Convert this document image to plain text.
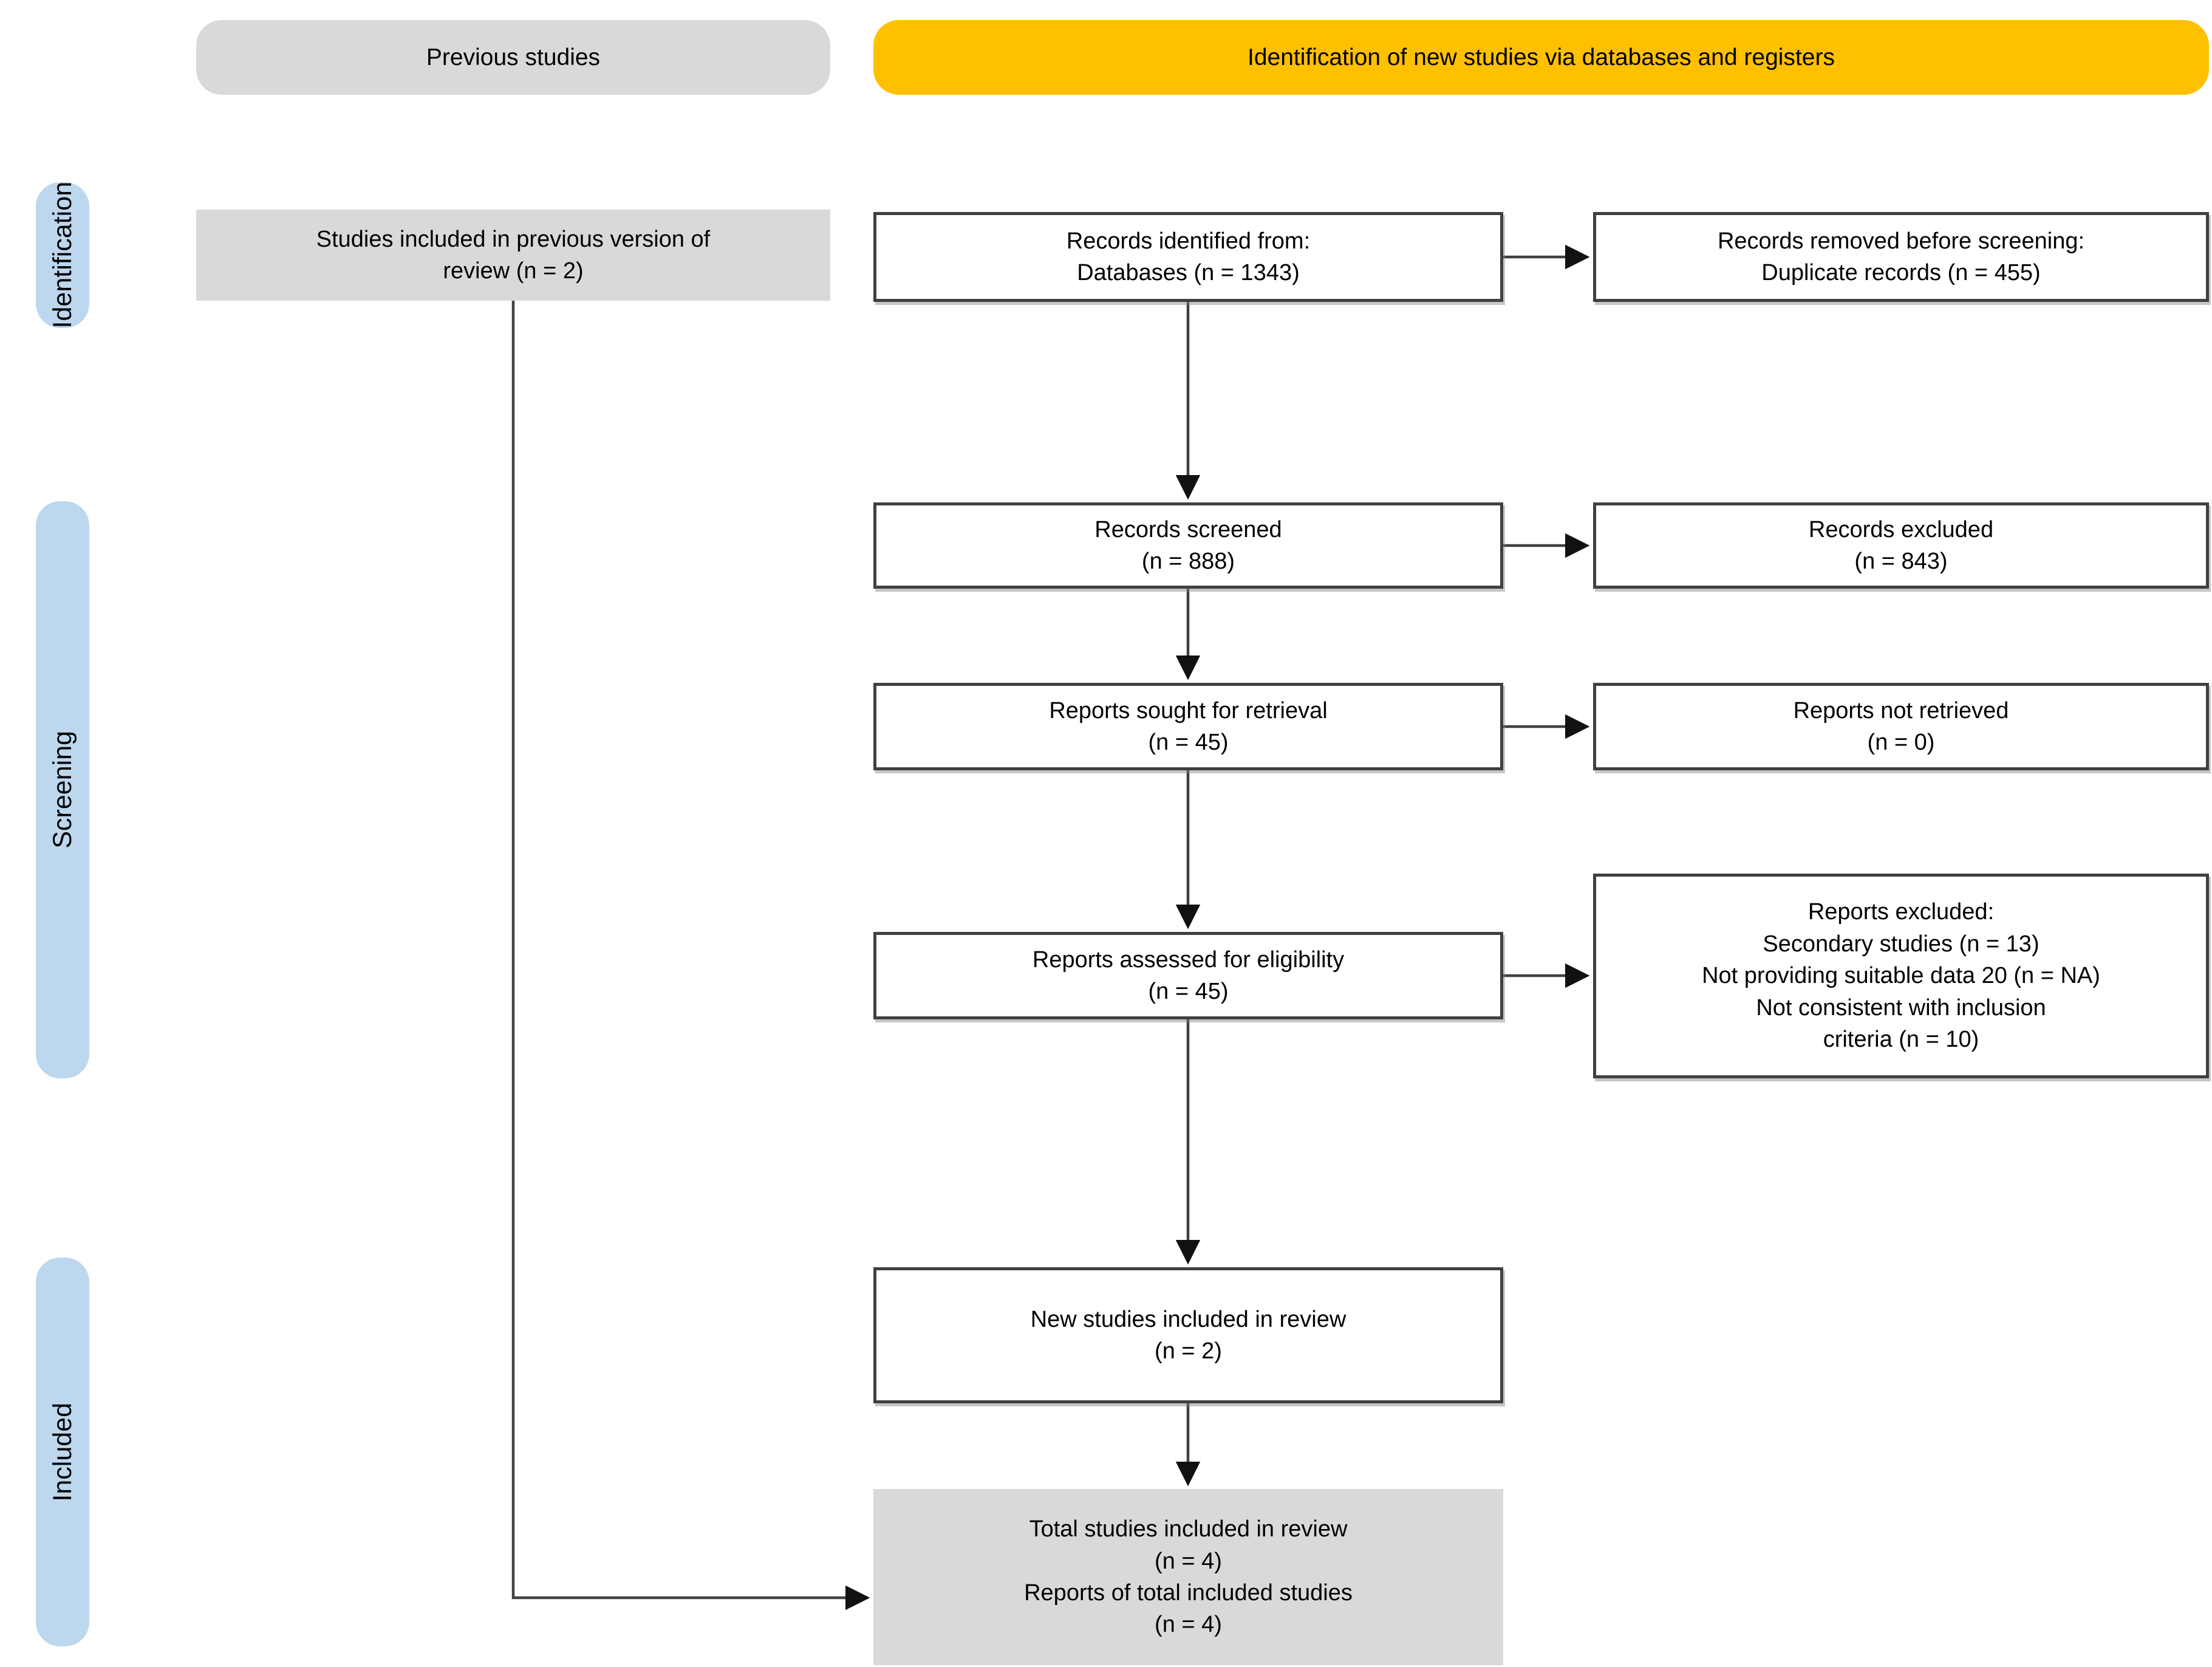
Previous studies	Identification of new studies via databases and registers
Identification
Screening
Included
Studies included in previous version of
review (n = 2)
Records identified from:
Databases (n = 1343)
Records removed before screening:
Duplicate records (n = 455)
Records screened
(n = 888)
Records excluded
(n = 843)
Reports sought for retrieval
(n = 45)
Reports not retrieved
(n = 0)
Reports assessed for eligibility
(n = 45)
Reports excluded:
Secondary studies (n = 13)
Not providing suitable data 20 (n = NA)
Not consistent with inclusion
criteria (n = 10)
New studies included in review
(n = 2)
Total studies included in review
(n = 4)
Reports of total included studies
(n = 4)
